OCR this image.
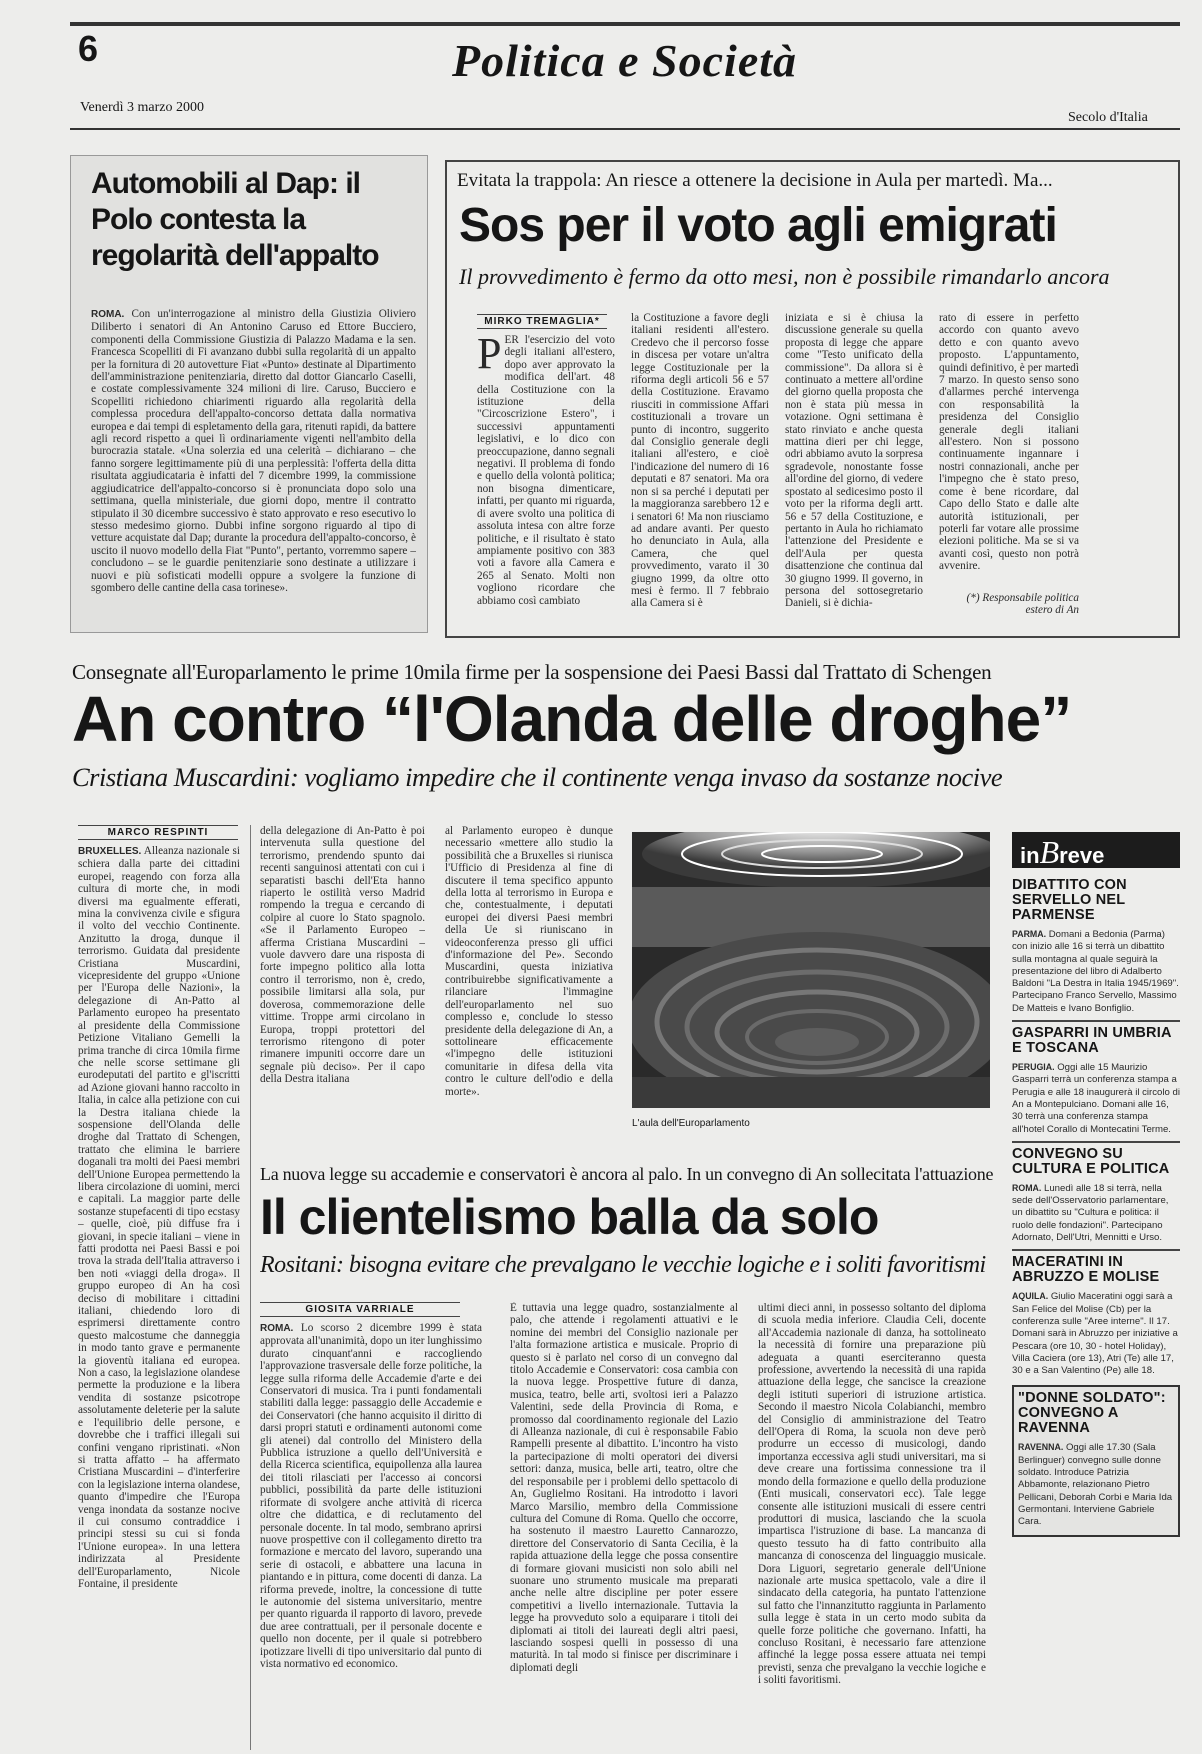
6	Politica e Società
Venerdì 3 marzo 2000
Secolo d'Italia
Automobili al Dap: il Polo contesta la regolarità dell'appalto
ROMA. Con un'interrogazione al ministro della Giustizia Oliviero Diliberto i senatori di An Antonino Caruso ed Ettore Bucciero, componenti della Commissione Giustizia di Palazzo Madama e la sen. Francesca Scopelliti di Fi avanzano dubbi sulla regolarità di un appalto per la fornitura di 20 autovetture Fiat «Punto» destinate al Dipartimento dell'amministrazione penitenziaria, diretto dal dottor Giancarlo Caselli, e costate complessivamente 324 milioni di lire. Caruso, Bucciero e Scopelliti richiedono chiarimenti riguardo alla regolarità della complessa procedura dell'appalto-concorso dettata dalla normativa europea e dai tempi di espletamento della gara, ritenuti rapidi, da battere agli record rispetto a quei lì ordinariamente vigenti nell'ambito della burocrazia statale. «Una solerzia ed una celerità – dichiarano – che fanno sorgere legittimamente più di una perplessità: l'offerta della ditta risultata aggiudicataria è infatti del 7 dicembre 1999, la commissione aggiudicatrice dell'appalto-concorso si è pronunciata dopo solo una settimana, quella ministeriale, due giorni dopo, mentre il contratto stipulato il 30 dicembre successivo è stato approvato e reso esecutivo lo stesso medesimo giorno. Dubbi infine sorgono riguardo al tipo di vetture acquistate dal Dap; durante la procedura dell'appalto-concorso, è uscito il nuovo modello della Fiat "Punto", pertanto, vorremmo sapere – concludono – se le guardie penitenziarie sono destinate a utilizzare i nuovi e più sofisticati modelli oppure a svolgere la funzione di sgombero delle cantine della casa torinese».
Evitata la trappola: An riesce a ottenere la decisione in Aula per martedì. Ma...
Sos per il voto agli emigrati
Il provvedimento è fermo da otto mesi, non è possibile rimandarlo ancora
MIRKO TREMAGLIA*
P ER l'esercizio del voto degli italiani all'estero, dopo aver approvato la modifica dell'art. 48 della Costituzione con la istituzione della "Circoscrizione Estero", i successivi appuntamenti legislativi, e lo dico con preoccupazione, danno segnali negativi. Il problema di fondo e quello della volontà politica; non bisogna dimenticare, infatti, per quanto mi riguarda, di avere svolto una politica di assoluta intesa con altre forze politiche, e il risultato è stato ampiamente positivo con 383 voti a favore alla Camera e 265 al Senato. Molti non vogliono ricordare che abbiamo così cambiato
la Costituzione a favore degli italiani residenti all'estero. Credevo che il percorso fosse in discesa per votare un'altra legge Costituzionale per la riforma degli articoli 56 e 57 della Costituzione. Eravamo riusciti in commissione Affari costituzionali a trovare un punto di incontro, suggerito dal Consiglio generale degli italiani all'estero, e cioè l'indicazione del numero di 16 deputati e 87 senatori. Ma ora non si sa perché i deputati per la maggioranza sarebbero 12 e i senatori 6! Ma non riusciamo ad andare avanti. Per questo ho denunciato in Aula, alla Camera, che quel provvedimento, varato il 30 giugno 1999, da oltre otto mesi è fermo. Il 7 febbraio alla Camera si è
iniziata e si è chiusa la discussione generale su quella proposta di legge che appare come "Testo unificato della commissione". Da allora si è continuato a mettere all'ordine del giorno quella proposta che non è stata più messa in votazione. Ogni settimana è stato rinviato e anche questa mattina dieri per chi legge, odri abbiamo avuto la sorpresa sgradevole, nonostante fosse all'ordine del giorno, di vedere spostato al sedicesimo posto il voto per la riforma degli artt. 56 e 57 della Costituzione, e pertanto in Aula ho richiamato l'attenzione del Presidente e dell'Aula per questa disattenzione che continua dal 30 giugno 1999. Il governo, in persona del sottosegretario Danieli, si è dichia-
rato di essere in perfetto accordo con quanto avevo detto e con quanto avevo proposto. L'appuntamento, quindi definitivo, è per martedì 7 marzo. In questo senso sono d'allarmes perché intervenga con responsabilità la presidenza del Consiglio generale degli italiani all'estero. Non si possono continuamente ingannare i nostri connazionali, anche per l'impegno che è stato preso, come è bene ricordare, dal Capo dello Stato e dalle alte autorità istituzionali, per poterli far votare alle prossime elezioni politiche. Ma se si va avanti così, questo non potrà avvenire.
(*) Responsabile politica estero di An
Consegnate all'Europarlamento le prime 10mila firme per la sospensione dei Paesi Bassi dal Trattato di Schengen
An contro “l'Olanda delle droghe”
Cristiana Muscardini: vogliamo impedire che il continente venga invaso da sostanze nocive
MARCO RESPINTI
BRUXELLES. Alleanza nazionale si schiera dalla parte dei cittadini europei, reagendo con forza alla cultura di morte che, in modi diversi ma egualmente efferati, mina la convivenza civile e sfigura il volto del vecchio Continente. Anzitutto la droga, dunque il terrorismo. Guidata dal presidente Cristiana Muscardini, vicepresidente del gruppo «Unione per l'Europa delle Nazioni», la delegazione di An-Patto al Parlamento europeo ha presentato al presidente della Commissione Petizione Vitaliano Gemelli la prima tranche di circa 10mila firme che nelle scorse settimane gli eurodeputati del partito e gl'iscritti ad Azione giovani hanno raccolto in Italia, in calce alla petizione con cui la Destra italiana chiede la sospensione dell'Olanda delle droghe dal Trattato di Schengen, trattato che elimina le barriere doganali tra molti dei Paesi membri dell'Unione Europea permettendo la libera circolazione di uomini, merci e capitali. La maggior parte delle sostanze stupefacenti di tipo ecstasy – quelle, cioè, più diffuse fra i giovani, in specie italiani – viene in fatti prodotta nei Paesi Bassi e poi trova la strada dell'Italia attraverso i ben noti «viaggi della droga». Il gruppo europeo di An ha così deciso di mobilitare i cittadini italiani, chiedendo loro di esprimersi direttamente contro questo malcostume che danneggia in modo tanto grave e permanente la gioventù italiana ed europea. Non a caso, la legislazione olandese permette la produzione e la libera vendita di sostanze psicotrope assolutamente deleterie per la salute e l'equilibrio delle persone, e dovrebbe che i traffici illegali sui confini vengano ripristinati. «Non si tratta affatto – ha affermato Cristiana Muscardini – d'interferire con la legislazione interna olandese, quanto d'impedire che l'Europa venga inondata da sostanze nocive il cui consumo contraddice i principi stessi su cui si fonda l'Unione europea». In una lettera indirizzata al Presidente dell'Europarlamento, Nicole Fontaine, il presidente
della delegazione di An-Patto è poi intervenuta sulla questione del terrorismo, prendendo spunto dai recenti sanguinosi attentati con cui i separatisti baschi dell'Eta hanno riaperto le ostilità verso Madrid rompendo la tregua e cercando di colpire al cuore lo Stato spagnolo. «Se il Parlamento Europeo – afferma Cristiana Muscardini – vuole davvero dare una risposta di forte impegno politico alla lotta contro il terrorismo, non è, credo, possibile limitarsi alla sola, pur doverosa, commemorazione delle vittime. Troppe armi circolano in Europa, troppi protettori del terrorismo ritengono di poter rimanere impuniti occorre dare un segnale più deciso». Per il capo della Destra italiana
al Parlamento europeo è dunque necessario «mettere allo studio la possibilità che a Bruxelles si riunisca l'Ufficio di Presidenza al fine di discutere il tema specifico appunto della lotta al terrorismo in Europa e che, contestualmente, i deputati europei dei diversi Paesi membri della Ue si riuniscano in videoconferenza presso gli uffici d'informazione del Pe». Secondo Muscardini, questa iniziativa contribuirebbe significativamente a rilanciare l'immagine dell'europarlamento nel suo complesso e, conclude lo stesso presidente della delegazione di An, a sottolineare efficacemente «l'impegno delle istituzioni comunitarie in difesa della vita contro le culture dell'odio e della morte».
L'aula dell'Europarlamento
La nuova legge su accademie e conservatori è ancora al palo. In un convegno di An sollecitata l'attuazione
Il clientelismo balla da solo
Rositani: bisogna evitare che prevalgano le vecchie logiche e i soliti favoritismi
GIOSITA VARRIALE
ROMA. Lo scorso 2 dicembre 1999 è stata approvata all'unanimità, dopo un iter lunghissimo durato cinquant'anni e raccogliendo l'approvazione trasversale delle forze politiche, la legge sulla riforma delle Accademie d'arte e dei Conservatori di musica. Tra i punti fondamentali stabiliti dalla legge: passaggio delle Accademie e dei Conservatori (che hanno acquisito il diritto di darsi propri statuti e ordinamenti autonomi come gli atenei) dal controllo del Ministero della Pubblica istruzione a quello dell'Università e della Ricerca scientifica, equipollenza alla laurea dei titoli rilasciati per l'accesso ai concorsi pubblici, possibilità da parte delle istituzioni riformate di svolgere anche attività di ricerca oltre che didattica, e di reclutamento del personale docente. In tal modo, sembrano aprirsi nuove prospettive con il collegamento diretto tra formazione e mercato del lavoro, superando una serie di ostacoli, e abbattere una lacuna in piantando e in pittura, come docenti di danza. La riforma prevede, inoltre, la concessione di tutte le autonomie del sistema universitario, mentre per quanto riguarda il rapporto di lavoro, prevede due aree contrattuali, per il personale docente e quello non docente, per il quale si potrebbero ipotizzare livelli di tipo universitario dal punto di vista normativo ed economico.
È tuttavia una legge quadro, sostanzialmente al palo, che attende i regolamenti attuativi e le nomine dei membri del Consiglio nazionale per l'alta formazione artistica e musicale. Proprio di questo si è parlato nel corso di un convegno dal titolo Accademie e Conservatori: cosa cambia con la nuova legge. Prospettive future di danza, musica, teatro, belle arti, svoltosi ieri a Palazzo Valentini, sede della Provincia di Roma, e promosso dal coordinamento regionale del Lazio di Alleanza nazionale, di cui è responsabile Fabio Rampelli presente al dibattito. L'incontro ha visto la partecipazione di molti operatori dei diversi settori: danza, musica, belle arti, teatro, oltre che del responsabile per i problemi dello spettacolo di An, Guglielmo Rositani. Ha introdotto i lavori Marco Marsilio, membro della Commissione cultura del Comune di Roma. Quello che occorre, ha sostenuto il maestro Lauretto Cannarozzo, direttore del Conservatorio di Santa Cecilia, è la rapida attuazione della legge che possa consentire di formare giovani musicisti non solo abili nel suonare uno strumento musicale ma preparati anche nelle altre discipline per poter essere competitivi a livello internazionale. Tuttavia la legge ha provveduto solo a equiparare i titoli dei diplomati ai titoli dei laureati degli altri paesi, lasciando sospesi quelli in possesso di una maturità. In tal modo si finisce per discriminare i diplomati degli
ultimi dieci anni, in possesso soltanto del diploma di scuola media inferiore. Claudia Celi, docente all'Accademia nazionale di danza, ha sottolineato la necessità di fornire una preparazione più adeguata a quanti eserciteranno questa professione, avvertendo la necessità di una rapida attuazione della legge, che sanciscе la creazione degli istituti superiori di istruzione artistica. Secondo il maestro Nicola Colabianchi, membro del Consiglio di amministrazione del Teatro dell'Opera di Roma, la scuola non deve però produrre un eccesso di musicologi, dando importanza eccessiva agli studi universitari, ma si deve creare una fortissima connessione tra il mondo della formazione e quello della produzione (Enti musicali, conservatori ecc). Tale legge consente alle istituzioni musicali di essere centri produttori di musica, lasciando che la scuola impartisca l'istruzione di base. La mancanza di questo tessuto ha di fatto contribuito alla mancanza di conoscenza del linguaggio musicale. Dora Liguori, segretario generale dell'Unione nazionale arte musica spettacolo, vale a dire il sindacato della categoria, ha puntato l'attenzione sul fatto che l'innanzitutto raggiunta in Parlamento sulla legge è stata in un certo modo subita da quelle forze politiche che governano. Infatti, ha concluso Rositani, è necessario fare attenzione affinché la legge possa essere attuata nei tempi previsti, senza che prevalgano la vecchie logiche e i soliti favoritismi.
inBreve
DIBATTITO CON SERVELLO NEL PARMENSE
PARMA. Domani a Bedonia (Parma) con inizio alle 16 si terrà un dibattito sulla montagna al quale seguirà la presentazione del libro di Adalberto Baldoni "La Destra in Italia 1945/1969". Partecipano Franco Servello, Massimo De Matteis e Ivano Bonfiglio.
GASPARRI IN UMBRIA E TOSCANA
PERUGIA. Oggi alle 15 Maurizio Gasparri terrà un conferenza stampa a Perugia e alle 18 inaugurerà il circolo di An a Montepulciano. Domani alle 16, 30 terrà una conferenza stampa all'hotel Corallo di Montecatini Terme.
CONVEGNO SU CULTURA E POLITICA
ROMA. Lunedì alle 18 si terrà, nella sede dell'Osservatorio parlamentare, un dibattito su "Cultura e politica: il ruolo delle fondazioni". Partecipano Adornato, Dell'Utri, Mennitti e Urso.
MACERATINI IN ABRUZZO E MOLISE
AQUILA. Giulio Maceratini oggi sarà a San Felice del Molise (Cb) per la conferenza sulle "Aree interne". Il 17. Domani sarà in Abruzzo per iniziative a Pescara (ore 10, 30 - hotel Holiday), Villa Caciera (ore 13), Atri (Te) alle 17, 30 e a San Valentino (Pe) alle 18.
"DONNE SOLDATO": CONVEGNO A RAVENNA
RAVENNA. Oggi alle 17.30 (Sala Berlinguer) convegno sulle donne soldato. Introduce Patrizia Abbamonte, relazionano Pietro Pellicani, Deborah Corbi e Maria Ida Germontani. Interviene Gabriele Cara.
